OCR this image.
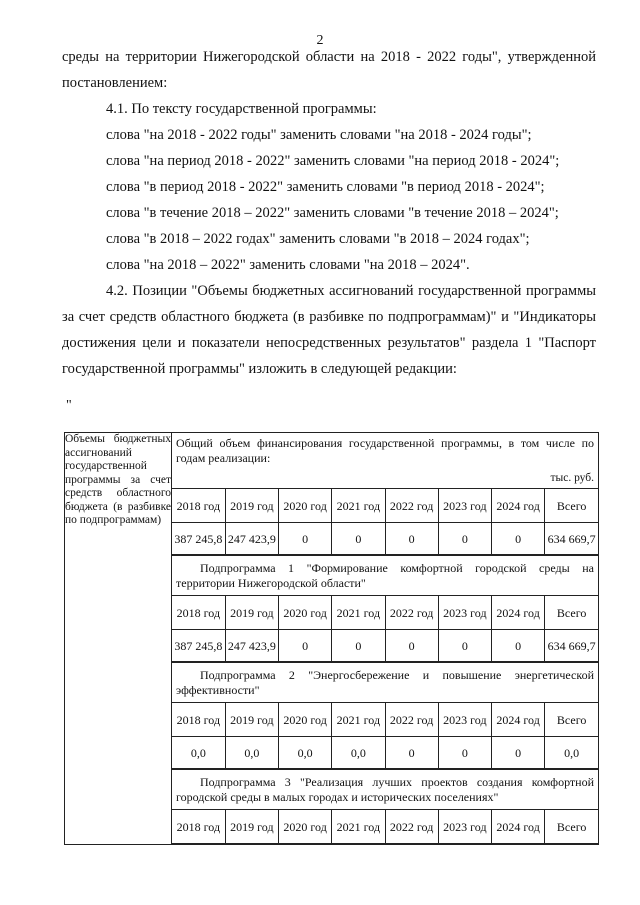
2
среды на территории Нижегородской области на 2018 - 2022 годы", утвержденной постановлением:
4.1. По тексту государственной программы:
слова "на 2018 - 2022 годы" заменить словами "на 2018 - 2024 годы";
слова "на период 2018 - 2022" заменить словами "на период 2018 - 2024";
слова "в период 2018 - 2022" заменить словами "в период 2018 - 2024";
слова "в течение 2018 – 2022" заменить словами "в течение 2018 – 2024";
слова "в 2018 – 2022 годах" заменить словами "в 2018 – 2024 годах";
слова "на 2018 – 2022" заменить словами "на 2018 – 2024".
4.2. Позиции "Объемы бюджетных ассигнований государственной программы за счет средств областного бюджета (в разбивке по подпрограммам)" и "Индикаторы достижения цели и показатели непосредственных результатов" раздела 1 "Паспорт государственной программы" изложить в следующей редакции:
"
Объемы бюджетных ассигнований государственной программы за счет средств областного бюджета (в разбивке по подпрограммам)	
Общий объем финансирования государственной программы, в том числе по годам реализации:
тыс. руб.
2018 год	2019 год	2020 год	2021 год	2022 год	2023 год	2024 год	Всего
387 245,8	247 423,9	0	0	0	0	0	634 669,7
Подпрограмма 1 "Формирование комфортной городской среды на территории Нижегородской области"
2018 год	2019 год	2020 год	2021 год	2022 год	2023 год	2024 год	Всего
387 245,8	247 423,9	0	0	0	0	0	634 669,7
Подпрограмма 2 "Энергосбережение и повышение энергетической эффективности"
2018 год	2019 год	2020 год	2021 год	2022 год	2023 год	2024 год	Всего
0,0	0,0	0,0	0,0	0	0	0	0,0
Подпрограмма 3 "Реализация лучших проектов создания комфортной городской среды в малых городах и исторических поселениях"
2018 год	2019 год	2020 год	2021 год	2022 год	2023 год	2024 год	Всего
